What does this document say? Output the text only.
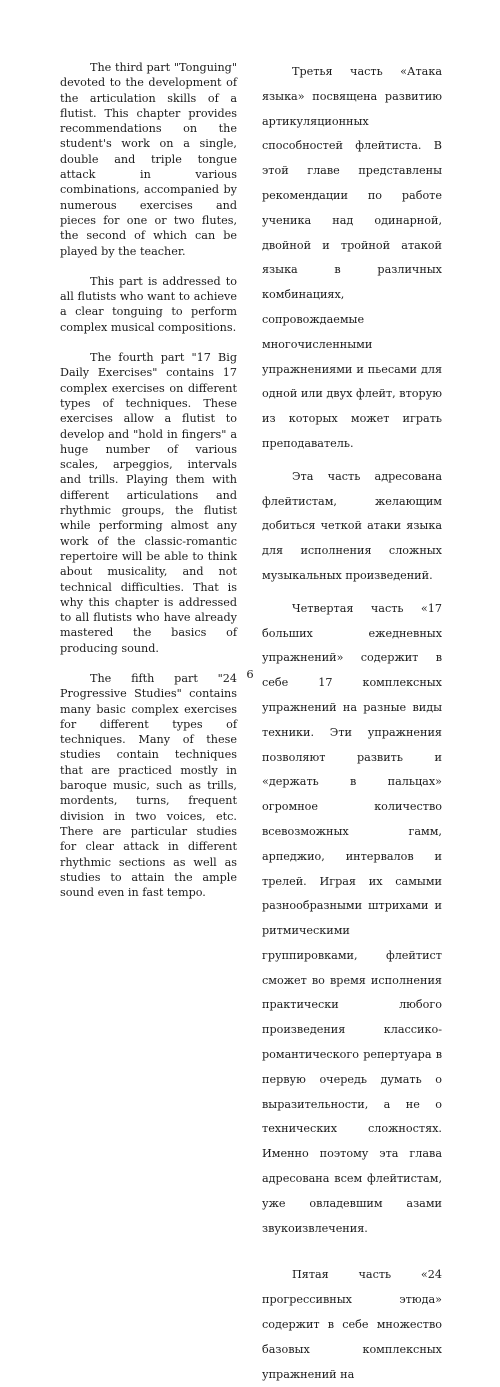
The third part "Tonguing" devoted to the development of the articulation skills of a flutist. This chapter provides recommendations on the student's work on a single, double and triple tongue attack in various combinations, accompanied by numerous exercises and pieces for one or two flutes, the second of which can be played by the teacher.

This part is addressed to all flutists who want to achieve a clear tonguing to perform complex musical compositions.

The fourth part "17 Big Daily Exercises" contains 17 complex exercises on different types of techniques. These exercises allow a flutist to develop and "hold in fingers" a huge number of various scales, arpeggios, intervals and trills. Playing them with different articulations and rhythmic groups, the flutist while performing almost any work of the classic-romantic repertoire will be able to think about musicality, and not technical difficulties. That is why this chapter is addressed to all flutists who have already mastered the basics of producing sound.

The fifth part "24 Progressive Studies" contains many basic complex exercises for different types of techniques. Many of these studies contain techniques that are practiced mostly in baroque music, such as trills, mordents, turns, frequent division in two voices, etc. There are particular studies for clear attack in different rhythmic sections as well as studies to attain the ample sound even in fast tempo.

Третья часть «Атака языка» посвящена развитию артикуляционных способностей флейтиста. В этой главе представлены рекомендации по работе ученика над одинарной, двойной и тройной атакой языка в различных комбинациях, сопровождаемые многочисленными упражнениями и пьесами для одной или двух флейт, вторую из которых может играть преподаватель.

Эта часть адресована флейтистам, желающим добиться четкой атаки языка для исполнения сложных музыкальных произведений.

Четвертая часть «17 больших ежедневных упражнений» содержит в себе 17 комплексных упражнений на разные виды техники. Эти упражнения позволяют развить и «держать в пальцах» огромное количество всевозможных гамм, арпеджио, интервалов и трелей. Играя их самыми разнообразными штрихами и ритмическими группировками, флейтист сможет во время исполнения практически любого произведения классико-романтического репертуара в первую очередь думать о выразительности, а не о технических сложностях. Именно поэтому эта глава адресована всем флейтистам, уже овладевшим азами звукоизвлечения.

Пятая часть «24 прогрессивных этюда» содержит в себе множество базовых комплексных упражнений на

6
